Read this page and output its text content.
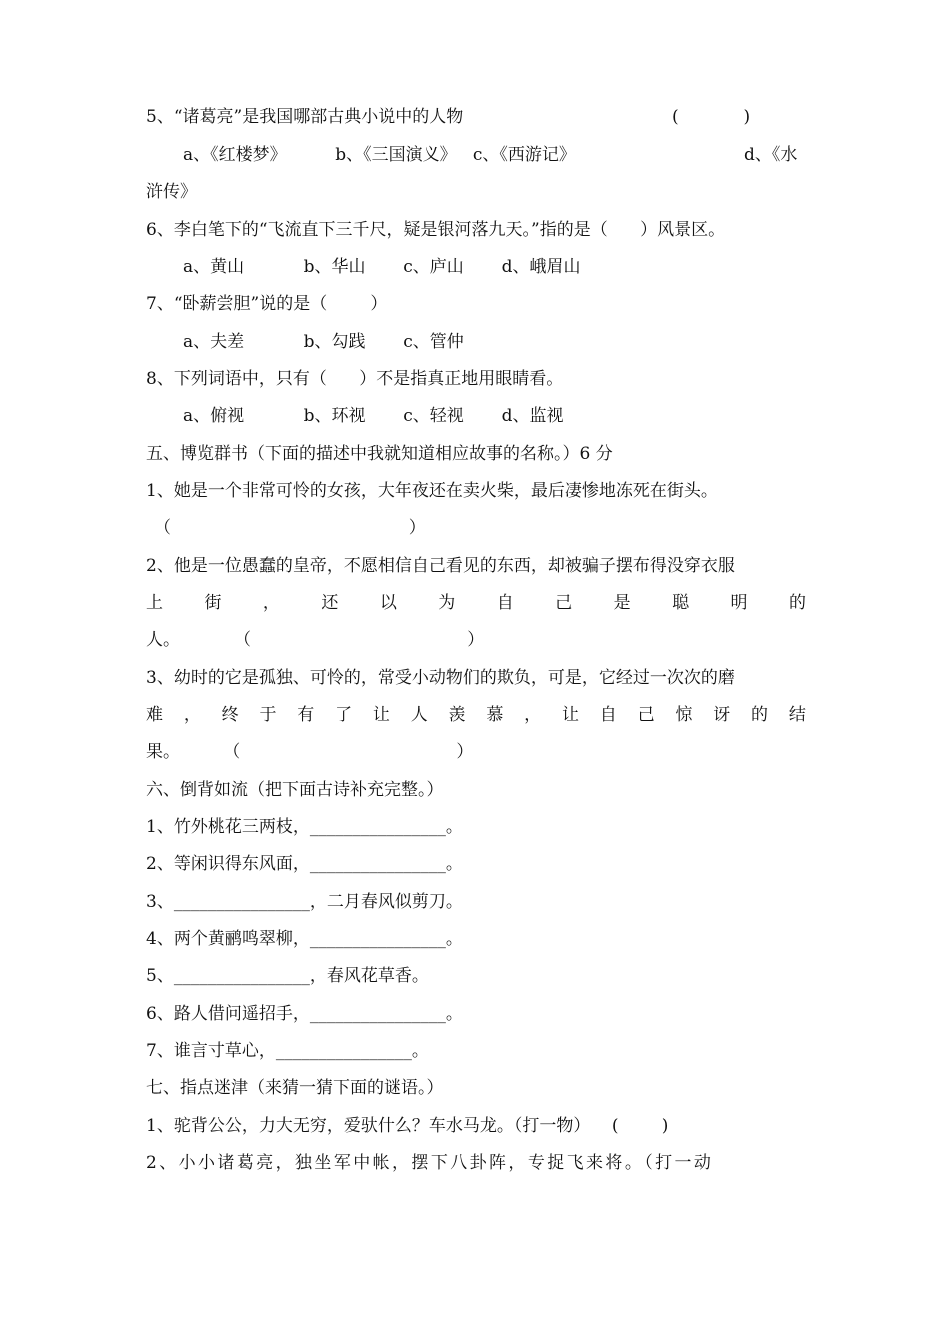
5、“诸葛亮”是我国哪部古典小说中的人物	(            )
a、《红楼梦》         b、《三国演义》   c、《西游记》	d、《水
浒传》
6、李白笔下的“飞流直下三千尺，疑是银河落九天。”指的是（      ）风景区。
a、黄山           b、华山       c、庐山       d、峨眉山
7、“卧薪尝胆”说的是（        ）
a、夫差           b、勾践       c、管仲
8、下列词语中，只有（      ）不是指真正地用眼睛看。
a、俯视           b、环视       c、轻视       d、监视
五、博览群书（下面的描述中我就知道相应故事的名称。）6 分
1、她是一个非常可怜的女孩，大年夜还在卖火柴，最后凄惨地冻死在街头。
（                                            ）
2、他是一位愚蠢的皇帝，不愿相信自己看见的东西，却被骗子摆布得没穿衣服
上 街 ， 还 以 为 自 己 是 聪 明 的
人。          （                                        ）
3、幼时的它是孤独、可怜的，常受小动物们的欺负，可是，它经过一次次的磨
难 ， 终 于 有 了 让 人 羡 慕 ， 让 自 己 惊 讶 的 结
果。        （                                        ）
六、倒背如流（把下面古诗补充完整。）
1、竹外桃花三两枝，________________。
2、等闲识得东风面，________________。
3、________________，二月春风似剪刀。
4、两个黄鹂鸣翠柳，________________。
5、________________，春风花草香。
6、路人借问遥招手，________________。
7、谁言寸草心，________________。
七、指点迷津（来猜一猜下面的谜语。）
1、驼背公公，力大无穷，爱驮什么？车水马龙。（打一物）    (        )
2、小小诸葛亮，独坐军中帐，摆下八卦阵，专捉飞来将。（打一动
